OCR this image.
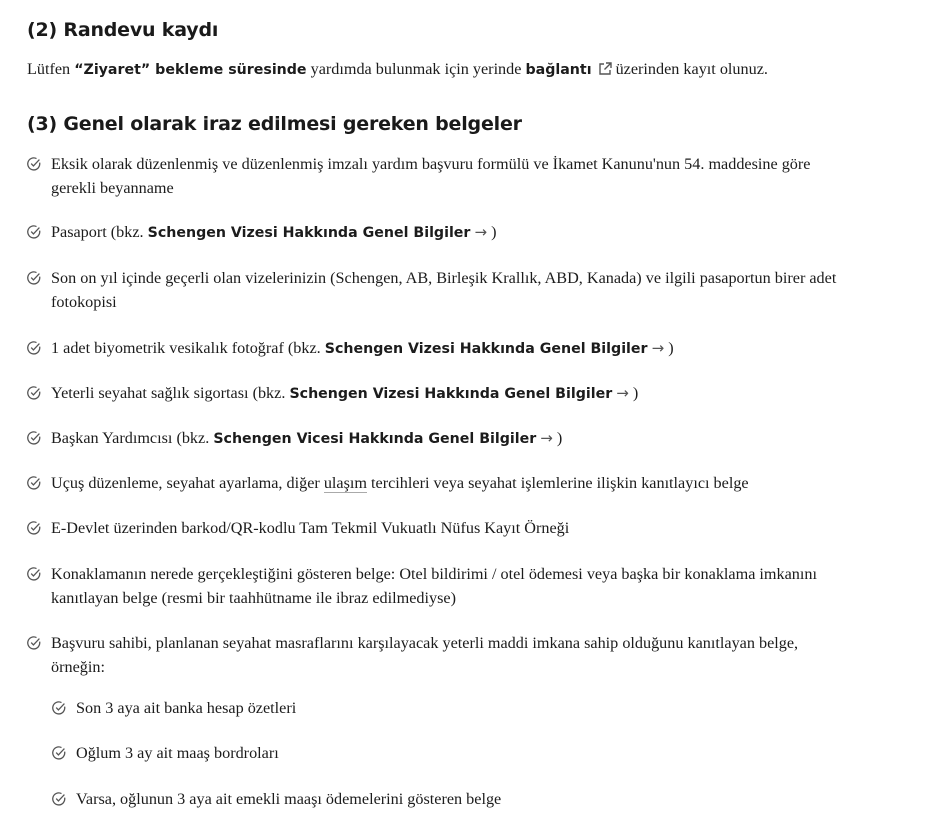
(2) Randevu kaydı

Lütfen “Ziyaret” bekleme süresinde yardımda bulunmak için yerinde bağlantı üzerinden kayıt olunuz.

(3) Genel olarak iraz edilmesi gereken belgeler
Eksik olarak düzenlenmiş ve düzenlenmiş imzalı yardım başvuru formülü ve İkamet Kanunu'nun 54. maddesine göre
gerekli beyanname
Pasaport (bkz. Schengen Vizesi Hakkında Genel Bilgiler → )
Son on yıl içinde geçerli olan vizelerinizin (Schengen, AB, Birleşik Krallık, ABD, Kanada) ve ilgili pasaportun birer adet
fotokopisi
1 adet biyometrik vesikalık fotoğraf (bkz. Schengen Vizesi Hakkında Genel Bilgiler → )
Yeterli seyahat sağlık sigortası (bkz. Schengen Vizesi Hakkında Genel Bilgiler → )
Başkan Yardımcısı (bkz. Schengen Vicesi Hakkında Genel Bilgiler → )
Uçuş düzenleme, seyahat ayarlama, diğer ulaşım tercihleri veya seyahat işlemlerine ilişkin kanıtlayıcı belge
E-Devlet üzerinden barkod/QR-kodlu Tam Tekmil Vukuatlı Nüfus Kayıt Örneği
Konaklamanın nerede gerçekleştiğini gösteren belge: Otel bildirimi / otel ödemesi veya başka bir konaklama imkanını
kanıtlayan belge (resmi bir taahhütname ile ibraz edilmediyse)
Başvuru sahibi, planlanan seyahat masraflarını karşılayacak yeterli maddi imkana sahip olduğunu kanıtlayan belge,
örneğin:
Son 3 aya ait banka hesap özetleri
Oğlum 3 ay ait maaş bordroları
Varsa, oğlunun 3 aya ait emekli maaşı ödemelerini gösteren belge
